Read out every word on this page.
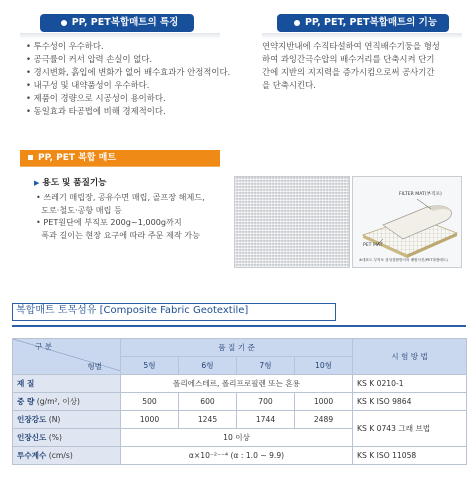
PP, PET복합매트의 특징
• 투수성이 우수하다.
• 공극률이 커서 압력 손실이 없다.
• 경시변화, 흙입에 변화가 없어 배수효과가 안정적이다.
• 내구성 및 내약품성이 우수하다.
• 제품이 경량으로 시공성이 용이하다.
• 동일효과 타공법에 비해 경제적이다.
PP, PET, PET복합매트의 기능
연약지반내에 수직타설하여 연직배수기둥을 형성
하여 과잉간극수압의 배수거리를 단축시켜 단기
간에 지반의 지지력을 증가시킴으로써 공사기간
을 단축시킨다.
PP, PET 복합 매트
▶ 용도 및 품질기능
• 쓰레기 매립장, 공유수면 매립, 골프장 해제드,
도로·철도·공항 매립 등
• PET원단에 부직포 200g~1,000g까지
폭과 길이는 현장 요구에 따라 주문 제작 가능
FILTER MAT(부직포)
PET MAT
※대표도 부직포 점성결합방식의 배합사진(PET복합매트)
복합매트 토목섬유 [Composite Fabric Geotextile]
구 분
형별	품 질 기 준				시 험 방 법
	5형	6형	7형	10형	
재 질	폴리에스테르, 폴리프로필렌 또는 혼용				KS K 0210-1
중 량 (g/m², 이상)	500	600	700	1000	KS K ISO 9864
인장강도 (N)	1000	1245	1744	2489	KS K 0743 그래 브법
인장신도 (%)	10 이상				
투수계수 (cm/s)	α×10⁻²⁻⁻⁴ (α : 1.0 ~ 9.9)				KS K ISO 11058
